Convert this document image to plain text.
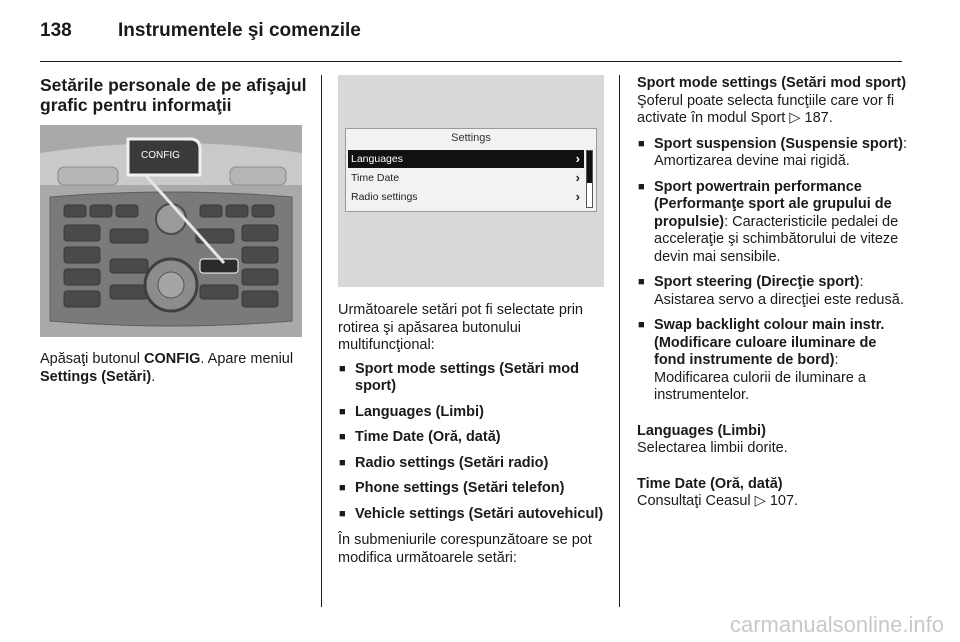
138 Instrumentele şi comenzile
Setările personale de pe afişajul grafic pentru informaţii
CONFIG

Apăsaţi butonul CONFIG. Apare meniul Settings (Setări).

Settings
Languages	›
Time Date	›
Radio settings	›

Următoarele setări pot fi selectate prin rotirea şi apăsarea butonului multifuncţional:

■ Sport mode settings (Setări mod sport)
■ Languages (Limbi)
■ Time Date (Oră, dată)
■ Radio settings (Setări radio)
■ Phone settings (Setări telefon)
■ Vehicle settings (Setări autovehicul)

În submeniurile corespunzătoare se pot modifica următoarele setări:

Sport mode settings (Setări mod sport)

Şoferul poate selecta funcţiile care vor fi activate în modul Sport ▷ 187.

■ Sport suspension (Suspensie sport): Amortizarea devine mai rigidă.
■ Sport powertrain performance (Performanţe sport ale grupului de propulsie): Caracteristicile pedalei de acceleraţie şi schimbătorului de viteze devin mai sensibile.
■ Sport steering (Direcţie sport): Asistarea servo a direcţiei este redusă.
■ Swap backlight colour main instr. (Modificare culoare iluminare de fond instrumente de bord): Modificarea culorii de iluminare a instrumentelor.

Languages (Limbi)

Selectarea limbii dorite.

Time Date (Oră, dată)

Consultaţi Ceasul ▷ 107.

carmanualsonline.info
